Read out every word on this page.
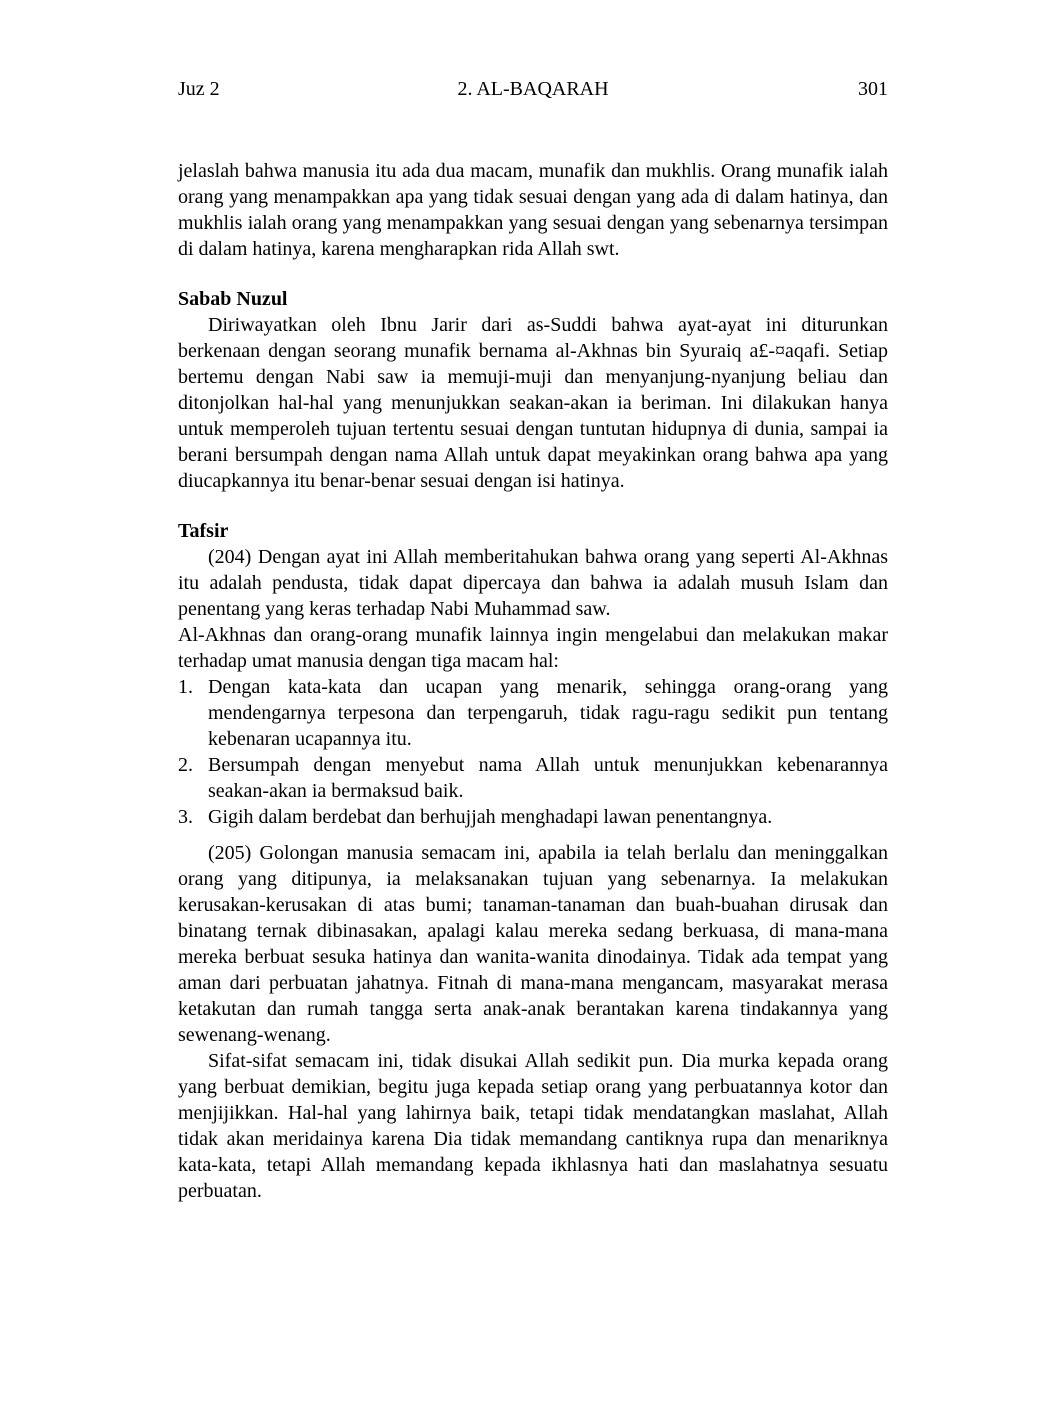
Juz 2	2. AL-BAQARAH	301

jelaslah bahwa manusia itu ada dua macam, munafik dan mukhlis. Orang munafik ialah orang yang menampakkan apa yang tidak sesuai dengan yang ada di dalam hatinya, dan mukhlis ialah orang yang menampakkan yang sesuai dengan yang sebenarnya tersimpan di dalam hatinya, karena mengharapkan rida Allah swt.

Sabab Nuzul

Diriwayatkan oleh Ibnu Jarir dari as-Suddi bahwa ayat-ayat ini diturunkan berkenaan dengan seorang munafik bernama al-Akhnas bin Syuraiq a£-¤aqafi. Setiap bertemu dengan Nabi saw ia memuji-muji dan menyanjung-nyanjung beliau dan ditonjolkan hal-hal yang menunjukkan seakan-akan ia beriman. Ini dilakukan hanya untuk memperoleh tujuan tertentu sesuai dengan tuntutan hidupnya di dunia, sampai ia berani bersumpah dengan nama Allah untuk dapat meyakinkan orang bahwa apa yang diucapkannya itu benar-benar sesuai dengan isi hatinya.

Tafsir

(204) Dengan ayat ini Allah memberitahukan bahwa orang yang seperti Al-Akhnas itu adalah pendusta, tidak dapat dipercaya dan bahwa ia adalah musuh Islam dan penentang yang keras terhadap Nabi Muhammad saw.

Al-Akhnas dan orang-orang munafik lainnya ingin mengelabui dan melakukan makar terhadap umat manusia dengan tiga macam hal:

1. Dengan kata-kata dan ucapan yang menarik, sehingga orang-orang yang mendengarnya terpesona dan terpengaruh, tidak ragu-ragu sedikit pun tentang kebenaran ucapannya itu.
2. Bersumpah dengan menyebut nama Allah untuk menunjukkan kebenarannya seakan-akan ia bermaksud baik.
3. Gigih dalam berdebat dan berhujjah menghadapi lawan penentangnya.

(205) Golongan manusia semacam ini, apabila ia telah berlalu dan meninggalkan orang yang ditipunya, ia melaksanakan tujuan yang sebenarnya. Ia melakukan kerusakan-kerusakan di atas bumi; tanaman-tanaman dan buah-buahan dirusak dan binatang ternak dibinasakan, apalagi kalau mereka sedang berkuasa, di mana-mana mereka berbuat sesuka hatinya dan wanita-wanita dinodainya. Tidak ada tempat yang aman dari perbuatan jahatnya. Fitnah di mana-mana mengancam, masyarakat merasa ketakutan dan rumah tangga serta anak-anak berantakan karena tindakannya yang sewenang-wenang.

Sifat-sifat semacam ini, tidak disukai Allah sedikit pun. Dia murka kepada orang yang berbuat demikian, begitu juga kepada setiap orang yang perbuatannya kotor dan menjijikkan. Hal-hal yang lahirnya baik, tetapi tidak mendatangkan maslahat, Allah tidak akan meridainya karena Dia tidak memandang cantiknya rupa dan menariknya kata-kata, tetapi Allah memandang kepada ikhlasnya hati dan maslahatnya sesuatu perbuatan.
